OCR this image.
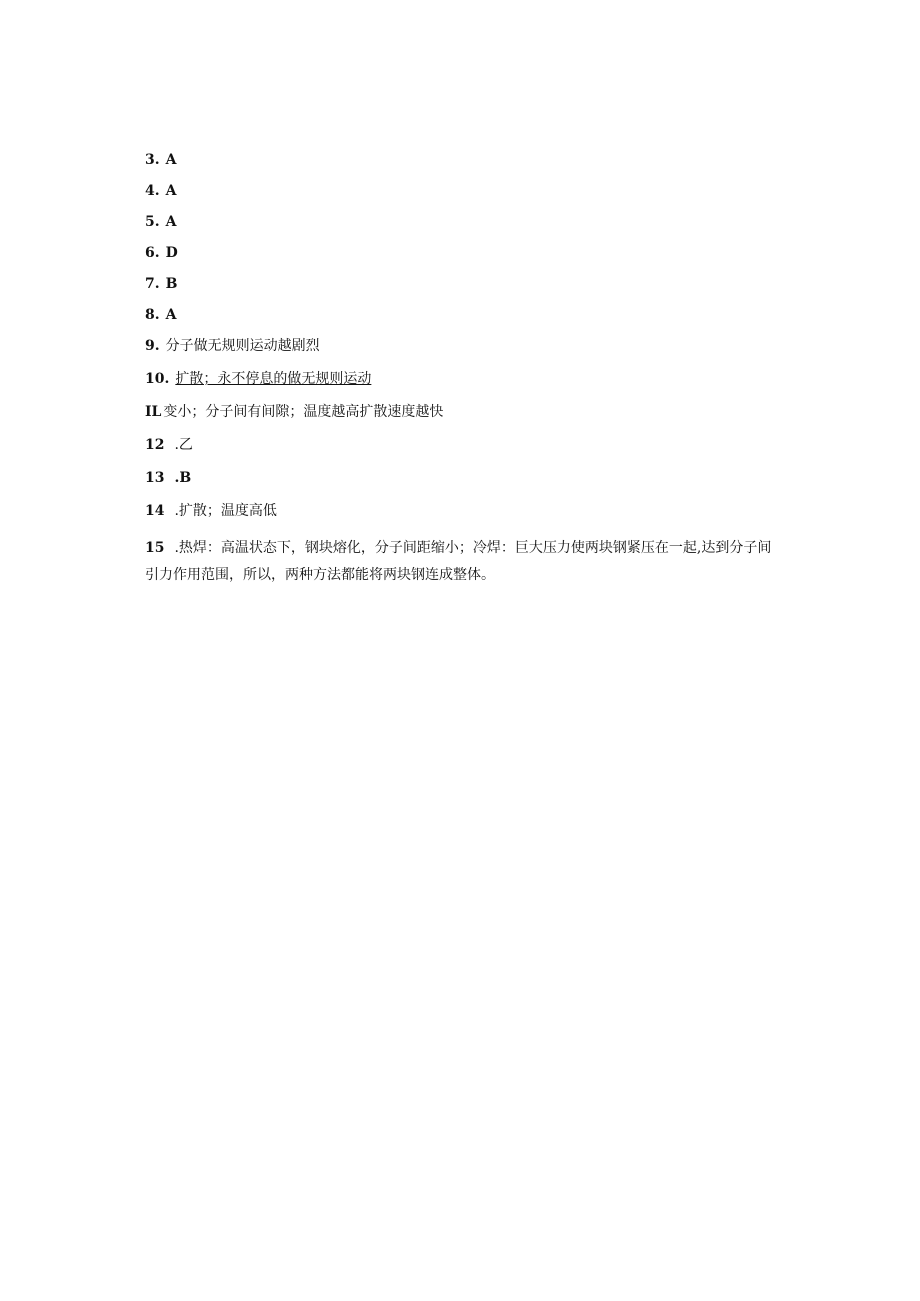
3. A
4. A
5. A
6. D
7. B
8. A
9. 分子做无规则运动越剧烈
10. 扩散；永不停息的做无规则运动
IL 变小；分子间有间隙；温度越高扩散速度越快
12 .乙
13 .B
14 .扩散；温度高低
15 .热焊：高温状态下，钢块熔化，分子间距缩小；冷焊：巨大压力使两块钢紧压在一起,达到分子间引力作用范围，所以，两种方法都能将两块钢连成整体。
